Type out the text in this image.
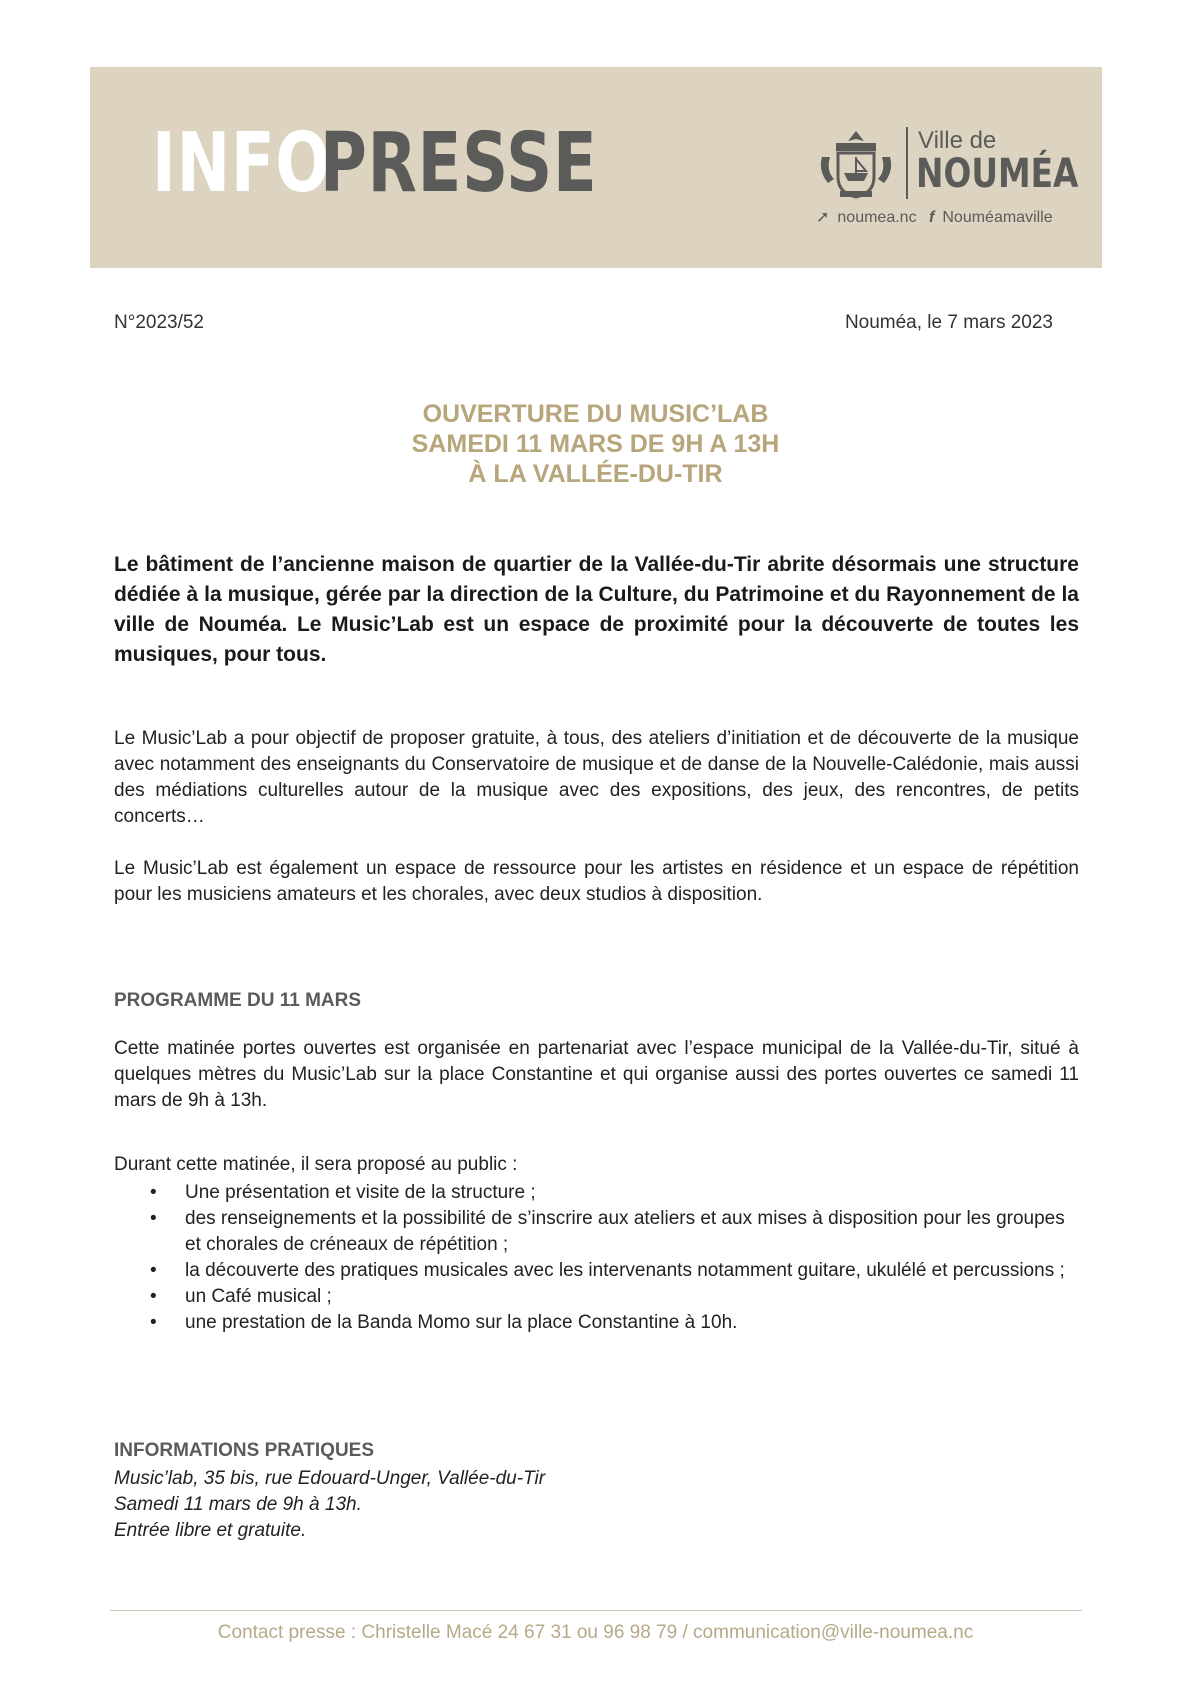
INFO
PRESSE	Ville de
NOUMÉA
➚ noumea.nc f Nouméamaville
N°2023/52	Nouméa, le 7 mars 2023
OUVERTURE DU MUSIC’LAB
SAMEDI 11 MARS DE 9H A 13H
À LA VALLÉE-DU-TIR
Le bâtiment de l’ancienne maison de quartier de la Vallée-du-Tir abrite désormais une structure dédiée à la musique, gérée par la direction de la Culture, du Patrimoine et du Rayonnement de la ville de Nouméa. Le Music’Lab est un espace de proximité pour la découverte de toutes les musiques, pour tous.
Le Music’Lab a pour objectif de proposer gratuite, à tous, des ateliers d’initiation et de découverte de la musique avec notamment des enseignants du Conservatoire de musique et de danse de la Nouvelle-Calédonie, mais aussi des médiations culturelles autour de la musique avec des expositions, des jeux, des rencontres, de petits concerts…
Le Music’Lab est également un espace de ressource pour les artistes en résidence et un espace de répétition pour les musiciens amateurs et les chorales, avec deux studios à disposition.
PROGRAMME DU 11 MARS
Cette matinée portes ouvertes est organisée en partenariat avec l’espace municipal de la Vallée-du-Tir, situé à quelques mètres du Music’Lab sur la place Constantine et qui organise aussi des portes ouvertes ce samedi 11 mars de 9h à 13h.
Durant cette matinée, il sera proposé au public :
• Une présentation et visite de la structure ;
• des renseignements et la possibilité de s’inscrire aux ateliers et aux mises à disposition pour les groupes et chorales de créneaux de répétition ;
• la découverte des pratiques musicales avec les intervenants notamment guitare, ukulélé et percussions ;
• un Café musical ;
• une prestation de la Banda Momo sur la place Constantine à 10h.
INFORMATIONS PRATIQUES
Music’lab, 35 bis, rue Edouard-Unger, Vallée-du-Tir
Samedi 11 mars de 9h à 13h.
Entrée libre et gratuite.
Contact presse : Christelle Macé 24 67 31 ou 96 98 79 / communication@ville-noumea.nc
